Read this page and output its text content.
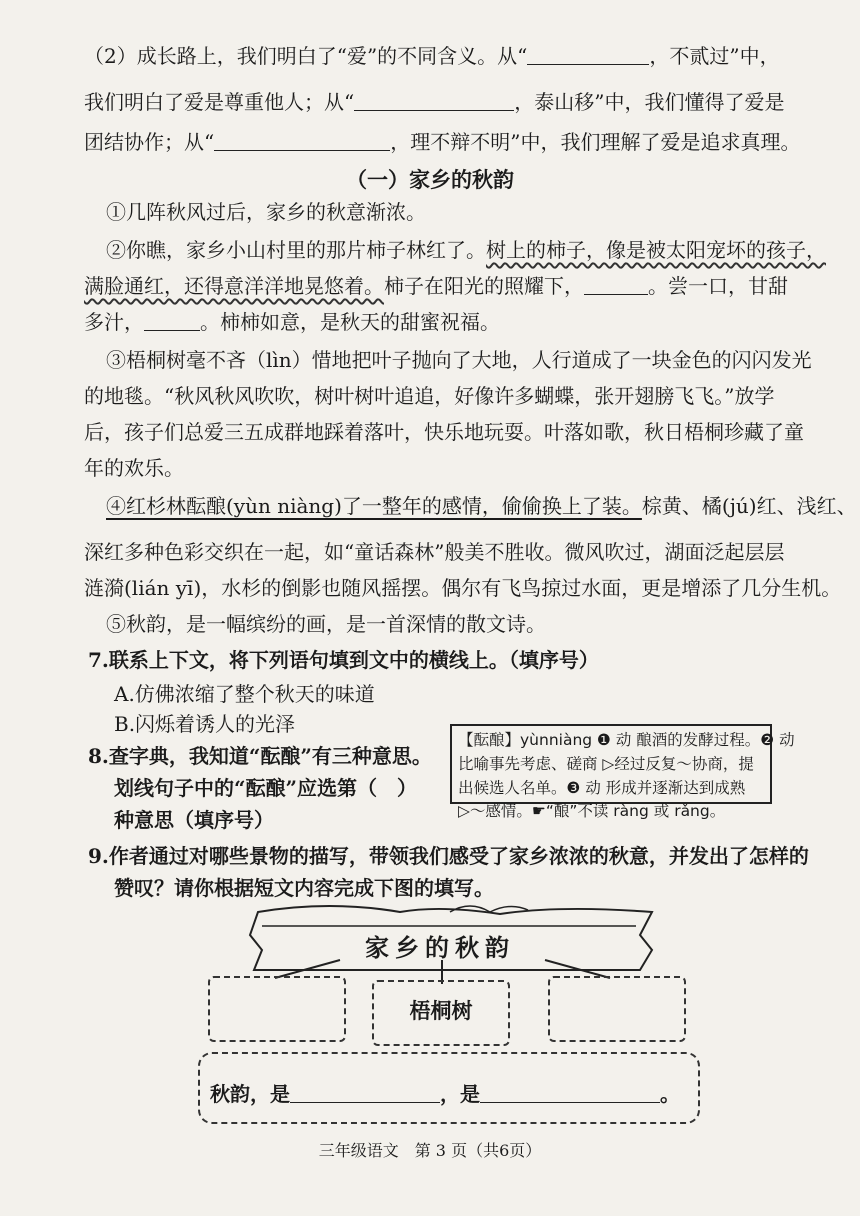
（2）成长路上，我们明白了“爱”的不同含义。从“	，不贰过”中，
我们明白了爱是尊重他人；从“	，泰山移”中，我们懂得了爱是
团结协作；从“	，理不辩不明”中，我们理解了爱是追求真理。
（一）家乡的秋韵
①几阵秋风过后，家乡的秋意渐浓。
②你瞧，家乡小山村里的那片柿子林红了。树上的柿子，像是被太阳宠坏的孩子，
满脸通红，还得意洋洋地晃悠着。柿子在阳光的照耀下，	。尝一口，甘甜
多汁，	。柿柿如意，是秋天的甜蜜祝福。
③梧桐树毫不吝（lìn）惜地把叶子抛向了大地，人行道成了一块金色的闪闪发光
的地毯。“秋风秋风吹吹，树叶树叶追追，好像许多蝴蝶，张开翅膀飞飞。”放学
后，孩子们总爱三五成群地踩着落叶，快乐地玩耍。叶落如歌，秋日梧桐珍藏了童
年的欢乐。
④红杉林酝酿(yùn niàng)了一整年的感情，偷偷换上了装。棕黄、橘(jú)红、浅红、
深红多种色彩交织在一起，如“童话森林”般美不胜收。微风吹过，湖面泛起层层
涟漪(lián yī)，水杉的倒影也随风摇摆。偶尔有飞鸟掠过水面，更是增添了几分生机。
⑤秋韵，是一幅缤纷的画，是一首深情的散文诗。
7.联系上下文，将下列语句填到文中的横线上。（填序号）
A.仿佛浓缩了整个秋天的味道
B.闪烁着诱人的光泽
8.查字典，我知道“酝酿”有三种意思。
划线句子中的“酝酿”应选第（　）
种意思（填序号）
【酝酿】yùnniàng ❶ 动 酿酒的发酵过程。❷ 动
比喻事先考虑、磋商 ▷经过反复～协商，提
出候选人名单。❸ 动 形成并逐渐达到成熟
▷～感情。☛“酿”不读 ràng 或 rǎng。
9.作者通过对哪些景物的描写，带领我们感受了家乡浓浓的秋意，并发出了怎样的
赞叹？请你根据短文内容完成下图的填写。
家乡的秋韵
梧桐树
秋韵，是	，是	。
三年级语文　第 3 页（共6页）
